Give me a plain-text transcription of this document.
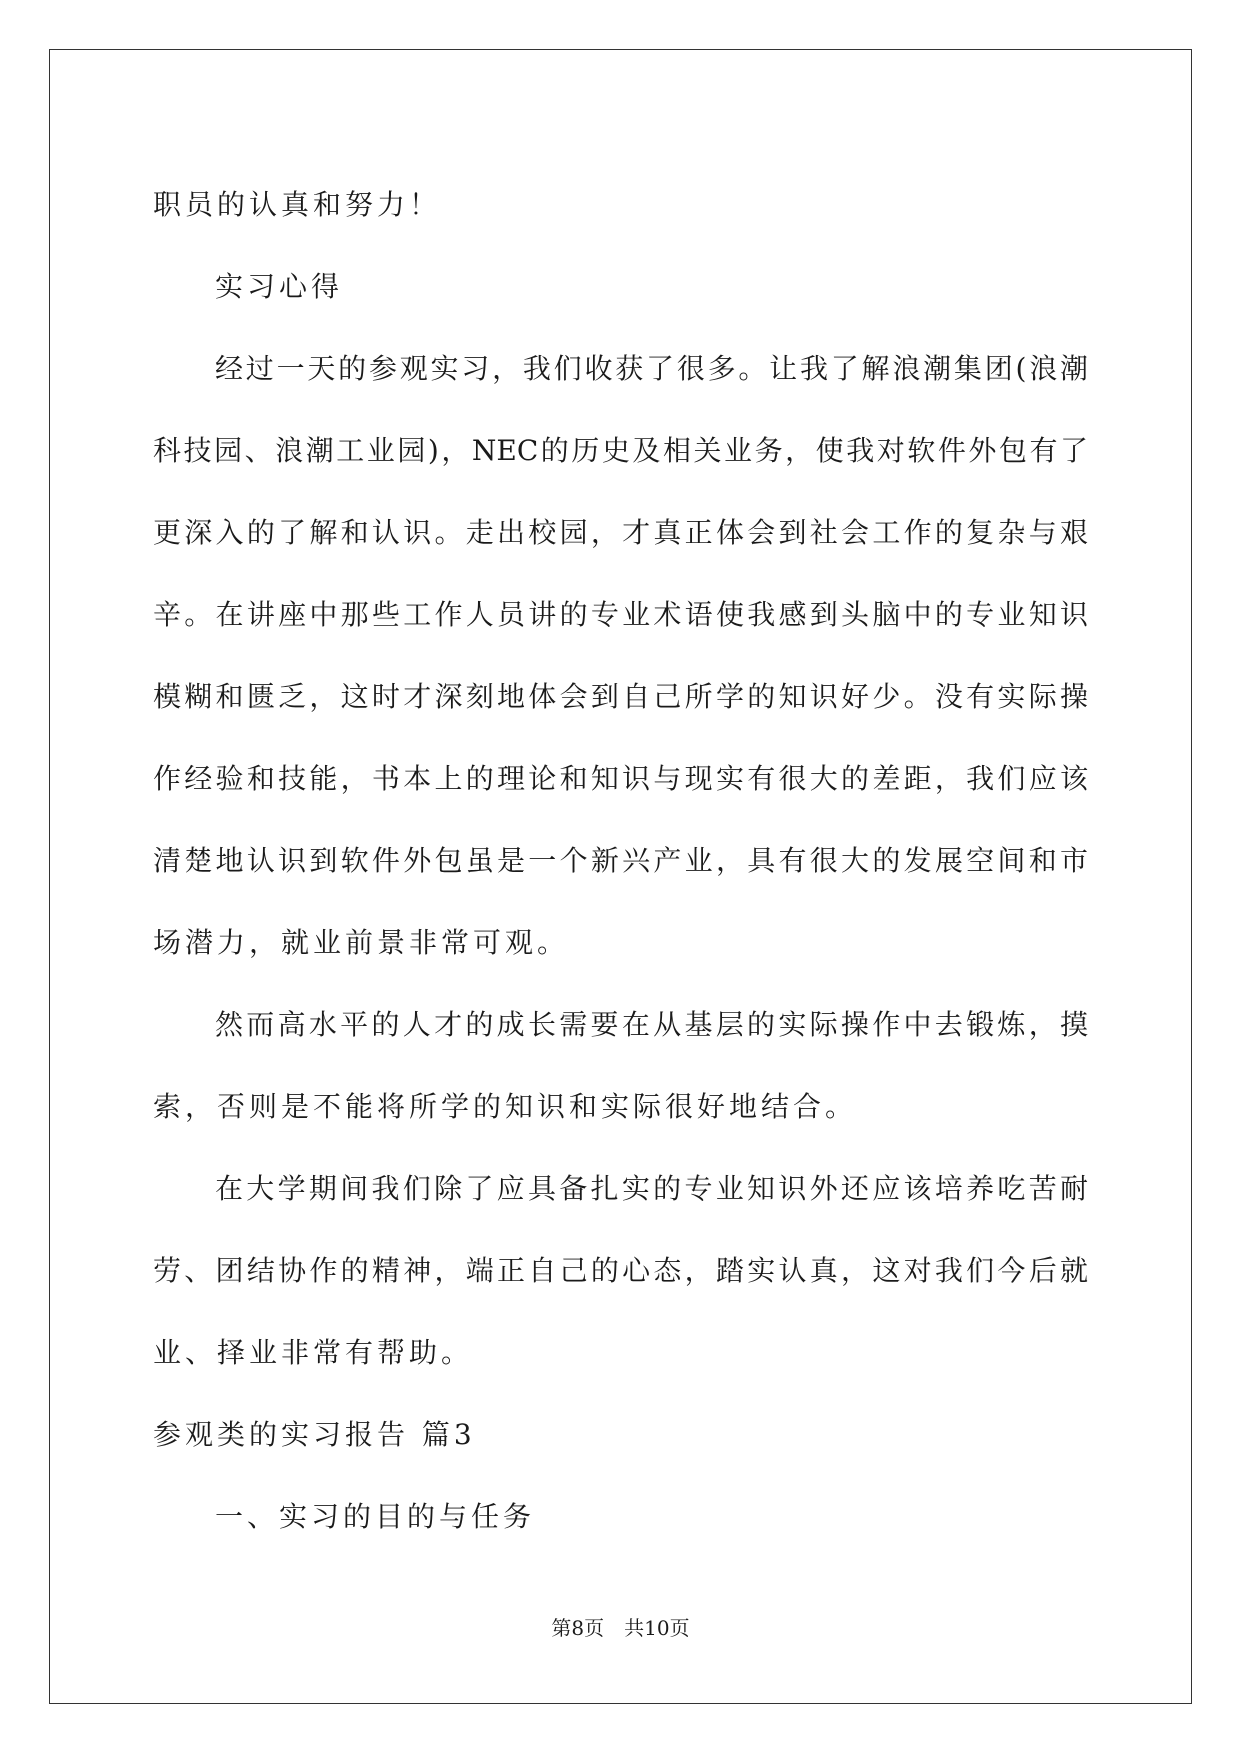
职员的认真和努力！
实习心得
经过一天的参观实习，我们收获了很多。让我了解浪潮集团(浪潮
科技园、浪潮工业园)，NEC的历史及相关业务，使我对软件外包有了
更深入的了解和认识。走出校园，才真正体会到社会工作的复杂与艰
辛。在讲座中那些工作人员讲的专业术语使我感到头脑中的专业知识
模糊和匮乏，这时才深刻地体会到自己所学的知识好少。没有实际操
作经验和技能，书本上的理论和知识与现实有很大的差距，我们应该
清楚地认识到软件外包虽是一个新兴产业，具有很大的发展空间和市
场潜力，就业前景非常可观。
然而高水平的人才的成长需要在从基层的实际操作中去锻炼，摸
索，否则是不能将所学的知识和实际很好地结合。
在大学期间我们除了应具备扎实的专业知识外还应该培养吃苦耐
劳、团结协作的精神，端正自己的心态，踏实认真，这对我们今后就
业、择业非常有帮助。
参观类的实习报告 篇3
一、实习的目的与任务
第8页　共10页
